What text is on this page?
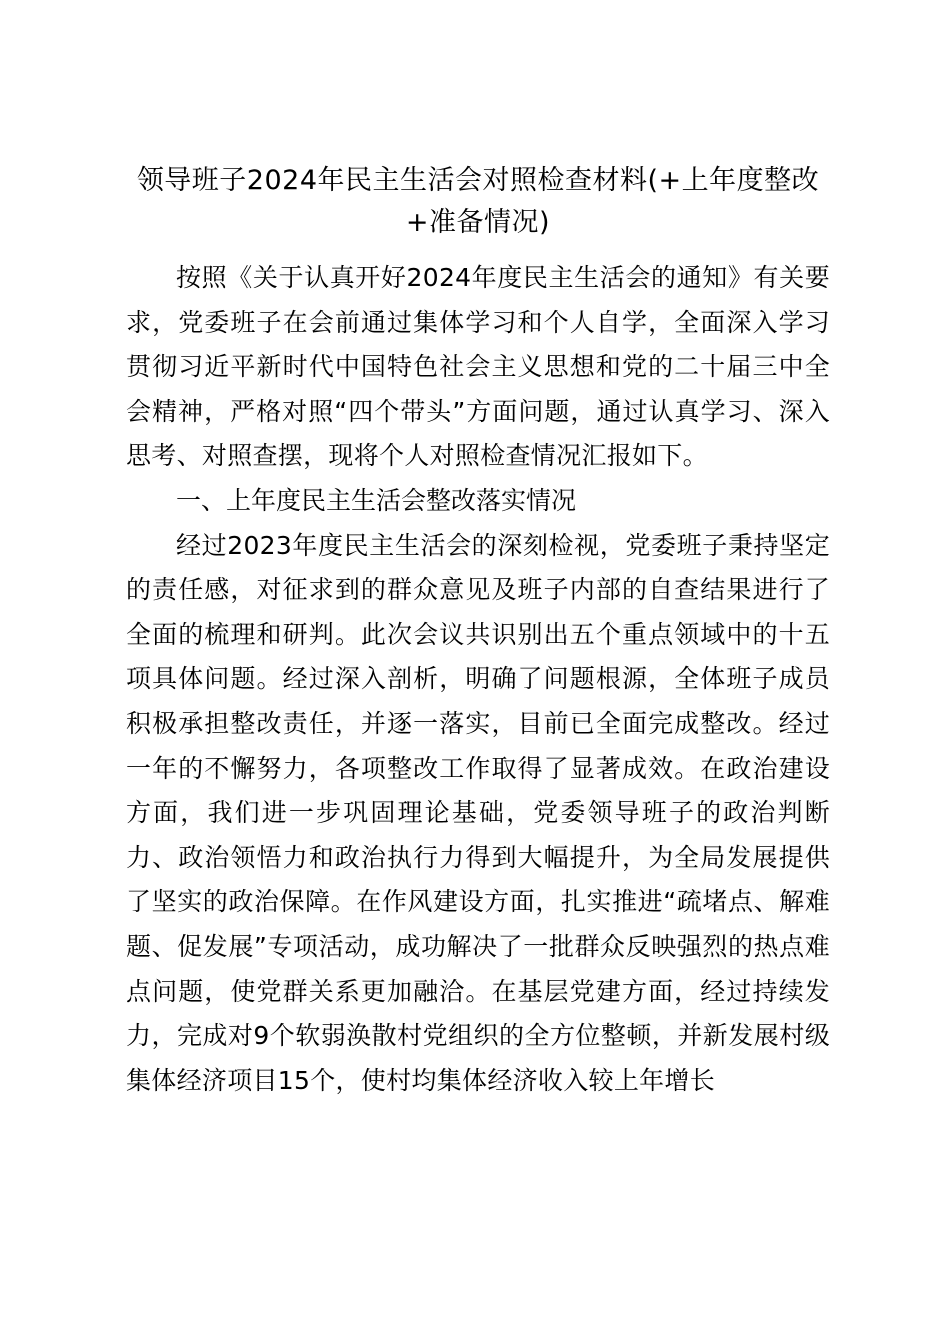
领导班子2024年民主生活会对照检查材料(+上年度整改+准备情况)

按照《关于认真开好2024年度民主生活会的通知》有关要求，党委班子在会前通过集体学习和个人自学，全面深入学习贯彻习近平新时代中国特色社会主义思想和党的二十届三中全会精神，严格对照“四个带头”方面问题，通过认真学习、深入思考、对照查摆，现将个人对照检查情况汇报如下。

一、上年度民主生活会整改落实情况

经过2023年度民主生活会的深刻检视，党委班子秉持坚定的责任感，对征求到的群众意见及班子内部的自查结果进行了全面的梳理和研判。此次会议共识别出五个重点领域中的十五项具体问题。经过深入剖析，明确了问题根源，全体班子成员积极承担整改责任，并逐一落实，目前已全面完成整改。经过一年的不懈努力，各项整改工作取得了显著成效。在政治建设方面，我们进一步巩固理论基础，党委领导班子的政治判断力、政治领悟力和政治执行力得到大幅提升，为全局发展提供了坚实的政治保障。在作风建设方面，扎实推进“疏堵点、解难题、促发展”专项活动，成功解决了一批群众反映强烈的热点难点问题，使党群关系更加融洽。在基层党建方面，经过持续发力，完成对9个软弱涣散村党组织的全方位整顿，并新发展村级集体经济项目15个，使村均集体经济收入较上年增长
